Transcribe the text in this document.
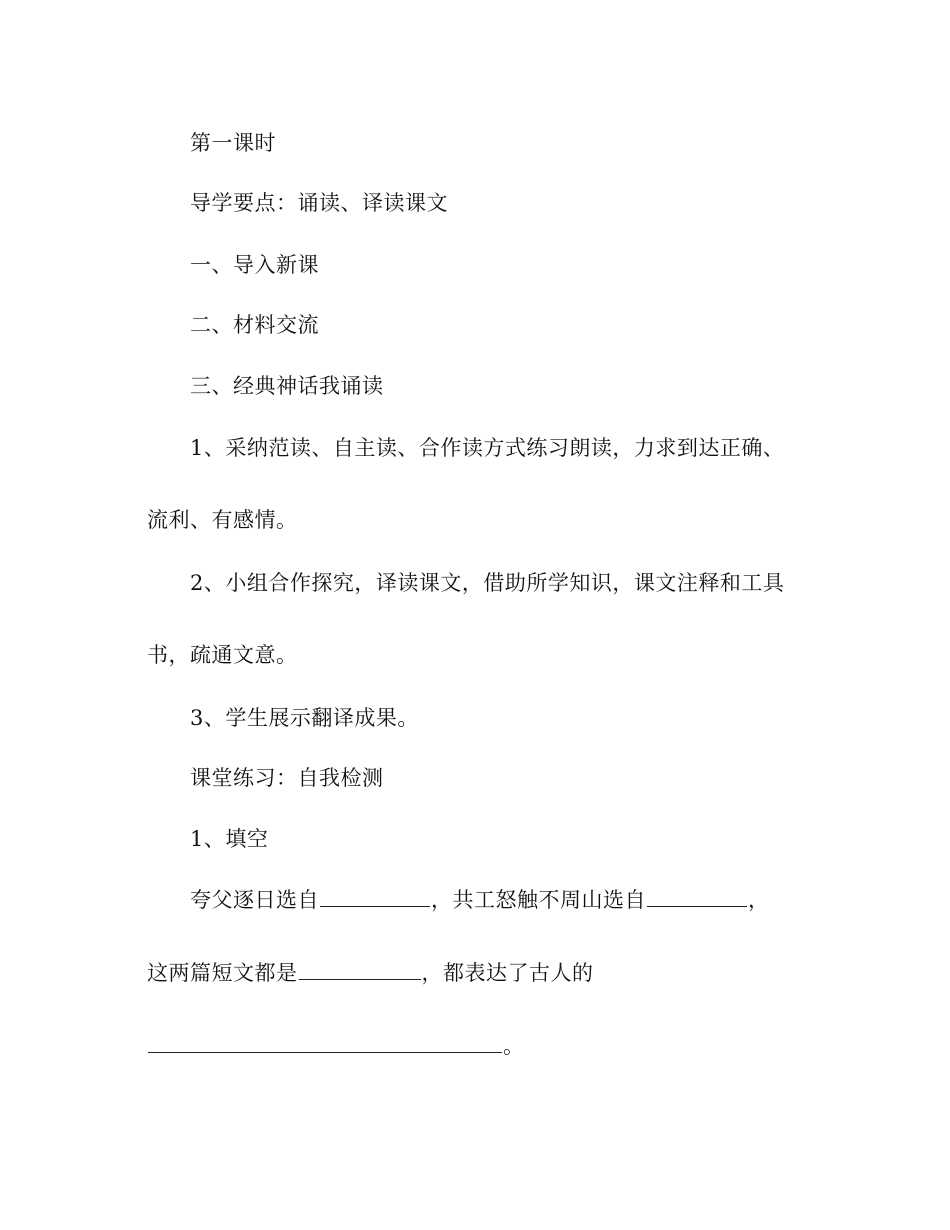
第一课时
导学要点：诵读、译读课文
一、导入新课
二、材料交流
三、经典神话我诵读
1、采纳范读、自主读、合作读方式练习朗读，力求到达正确、
流利、有感情。
2、小组合作探究，译读课文，借助所学知识，课文注释和工具
书，疏通文意。
3、学生展示翻译成果。
课堂练习：自我检测
1、填空
夸父逐日选自	，共工怒触不周山选自	，
这两篇短文都是	，都表达了古人的
。
